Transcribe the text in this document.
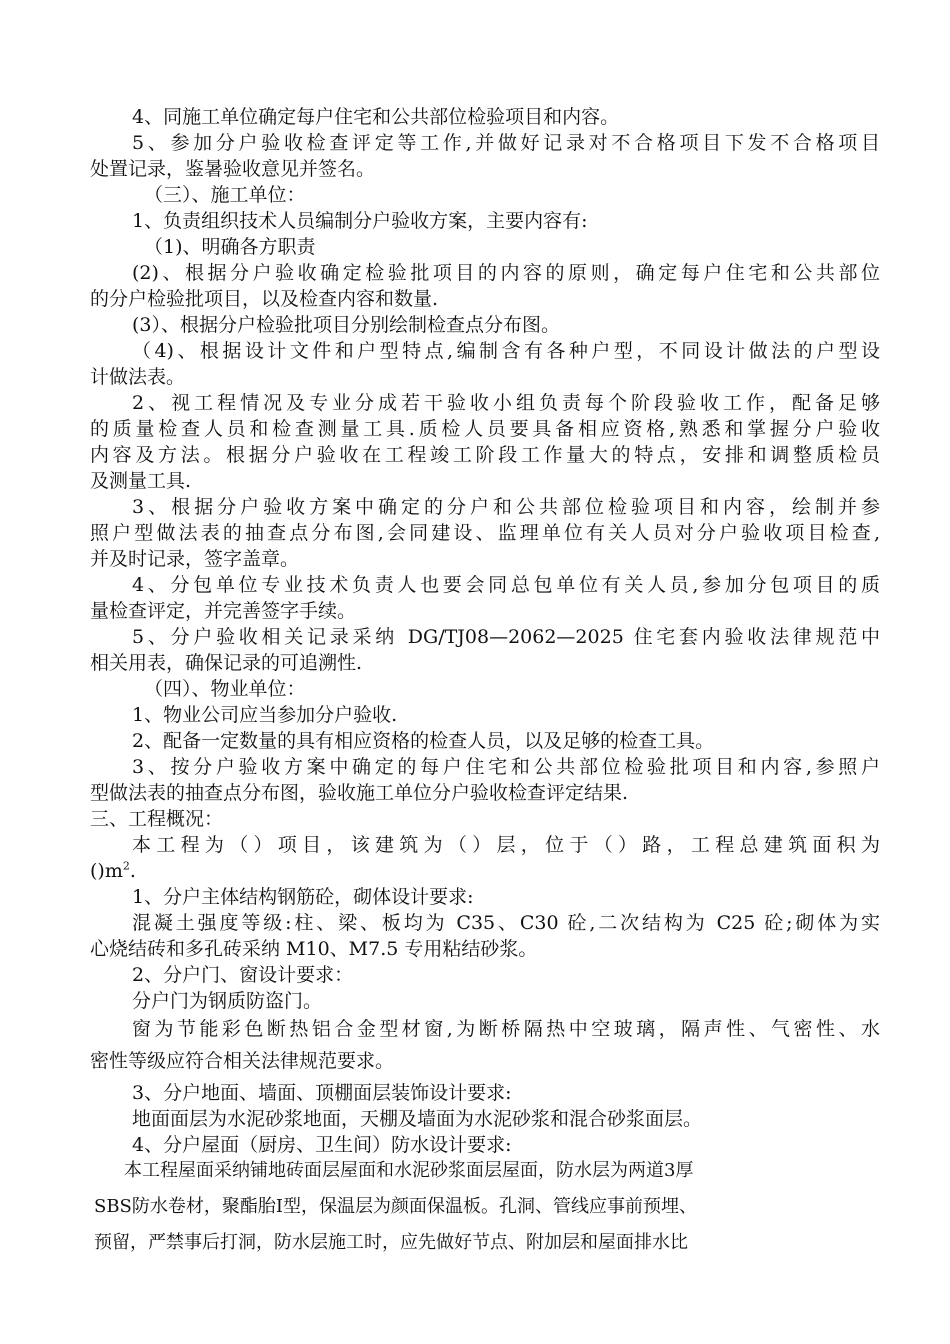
4、同施工单位确定每户住宅和公共部位检验项目和内容。
5、参加分户验收检查评定等工作,并做好记录对不合格项目下发不合格项目
处置记录，鉴暑验收意见并签名。
（三）、施工单位：
1、负责组织技术人员编制分户验收方案，主要内容有:
（1)、明确各方职责
(2)、根据分户验收确定检验批项目的内容的原则，确定每户住宅和公共部位
的分户检验批项目，以及检查内容和数量.
(3）、根据分户检验批项目分别绘制检查点分布图。
（4)、根据设计文件和户型特点,编制含有各种户型，不同设计做法的户型设
计做法表。
2、视工程情况及专业分成若干验收小组负责每个阶段验收工作，配备足够
的质量检查人员和检查测量工具.质检人员要具备相应资格,熟悉和掌握分户验收
内容及方法。根据分户验收在工程竣工阶段工作量大的特点，安排和调整质检员
及测量工具.
3、根据分户验收方案中确定的分户和公共部位检验项目和内容，绘制并参
照户型做法表的抽查点分布图,会同建设、监理单位有关人员对分户验收项目检查,
并及时记录，签字盖章。
4、分包单位专业技术负责人也要会同总包单位有关人员,参加分包项目的质
量检查评定，并完善签字手续。
5、分户验收相关记录采纳 DG/TJ08—2062—2025 住宅套内验收法律规范中
相关用表，确保记录的可追溯性.
（四）、物业单位：
1、物业公司应当参加分户验收.
2、配备一定数量的具有相应资格的检查人员，以及足够的检查工具。
3、按分户验收方案中确定的每户住宅和公共部位检验批项目和内容,参照户
型做法表的抽查点分布图，验收施工单位分户验收检查评定结果.
三、工程概况：
本工程为（）项目，该建筑为（）层，位于（）路，工程总建筑面积为
$()m^2$.
1、分户主体结构钢筋砼，砌体设计要求:
混凝土强度等级:柱、梁、板均为 C35、C30 砼,二次结构为 C25 砼;砌体为实
心烧结砖和多孔砖采纳 M10、M7.5 专用粘结砂浆。
2、分户门、窗设计要求：
分户门为钢质防盗门。
窗为节能彩色断热铝合金型材窗,为断桥隔热中空玻璃，隔声性、气密性、水
密性等级应符合相关法律规范要求。
3、分户地面、墙面、顶棚面层装饰设计要求:
地面面层为水泥砂浆地面，天棚及墙面为水泥砂浆和混合砂浆面层。
4、分户屋面（厨房、卫生间）防水设计要求:
本工程屋面采纳铺地砖面层屋面和水泥砂浆面层屋面，防水层为两道3厚
SBS防水卷材，聚酯胎I型，保温层为颜面保温板。孔洞、管线应事前预埋、
预留，严禁事后打洞，防水层施工时，应先做好节点、附加层和屋面排水比
